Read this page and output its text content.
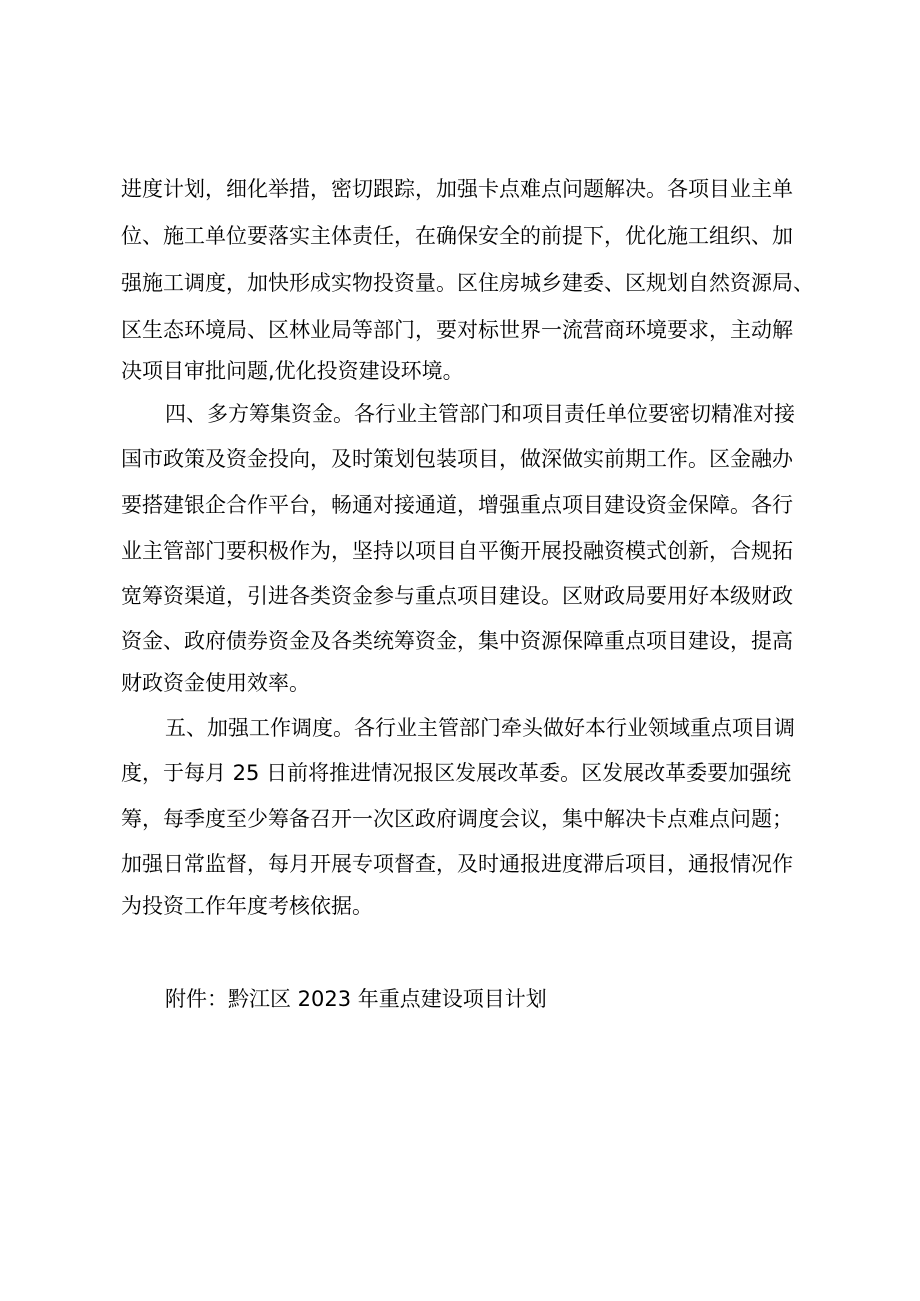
进度计划，细化举措，密切跟踪，加强卡点难点问题解决。各项目业主单
位、施工单位要落实主体责任，在确保安全的前提下，优化施工组织、加
强施工调度，加快形成实物投资量。区住房城乡建委、区规划自然资源局、
区生态环境局、区林业局等部门，要对标世界一流营商环境要求，主动解
决项目审批问题,优化投资建设环境。
四、多方筹集资金。各行业主管部门和项目责任单位要密切精准对接
国市政策及资金投向，及时策划包装项目，做深做实前期工作。区金融办
要搭建银企合作平台，畅通对接通道，增强重点项目建设资金保障。各行
业主管部门要积极作为，坚持以项目自平衡开展投融资模式创新，合规拓
宽筹资渠道，引进各类资金参与重点项目建设。区财政局要用好本级财政
资金、政府债券资金及各类统筹资金，集中资源保障重点项目建设，提高
财政资金使用效率。
五、加强工作调度。各行业主管部门牵头做好本行业领域重点项目调
度，于每月 25 日前将推进情况报区发展改革委。区发展改革委要加强统
筹，每季度至少筹备召开一次区政府调度会议，集中解决卡点难点问题；
加强日常监督，每月开展专项督查，及时通报进度滞后项目，通报情况作
为投资工作年度考核依据。
附件：黔江区 2023 年重点建设项目计划
